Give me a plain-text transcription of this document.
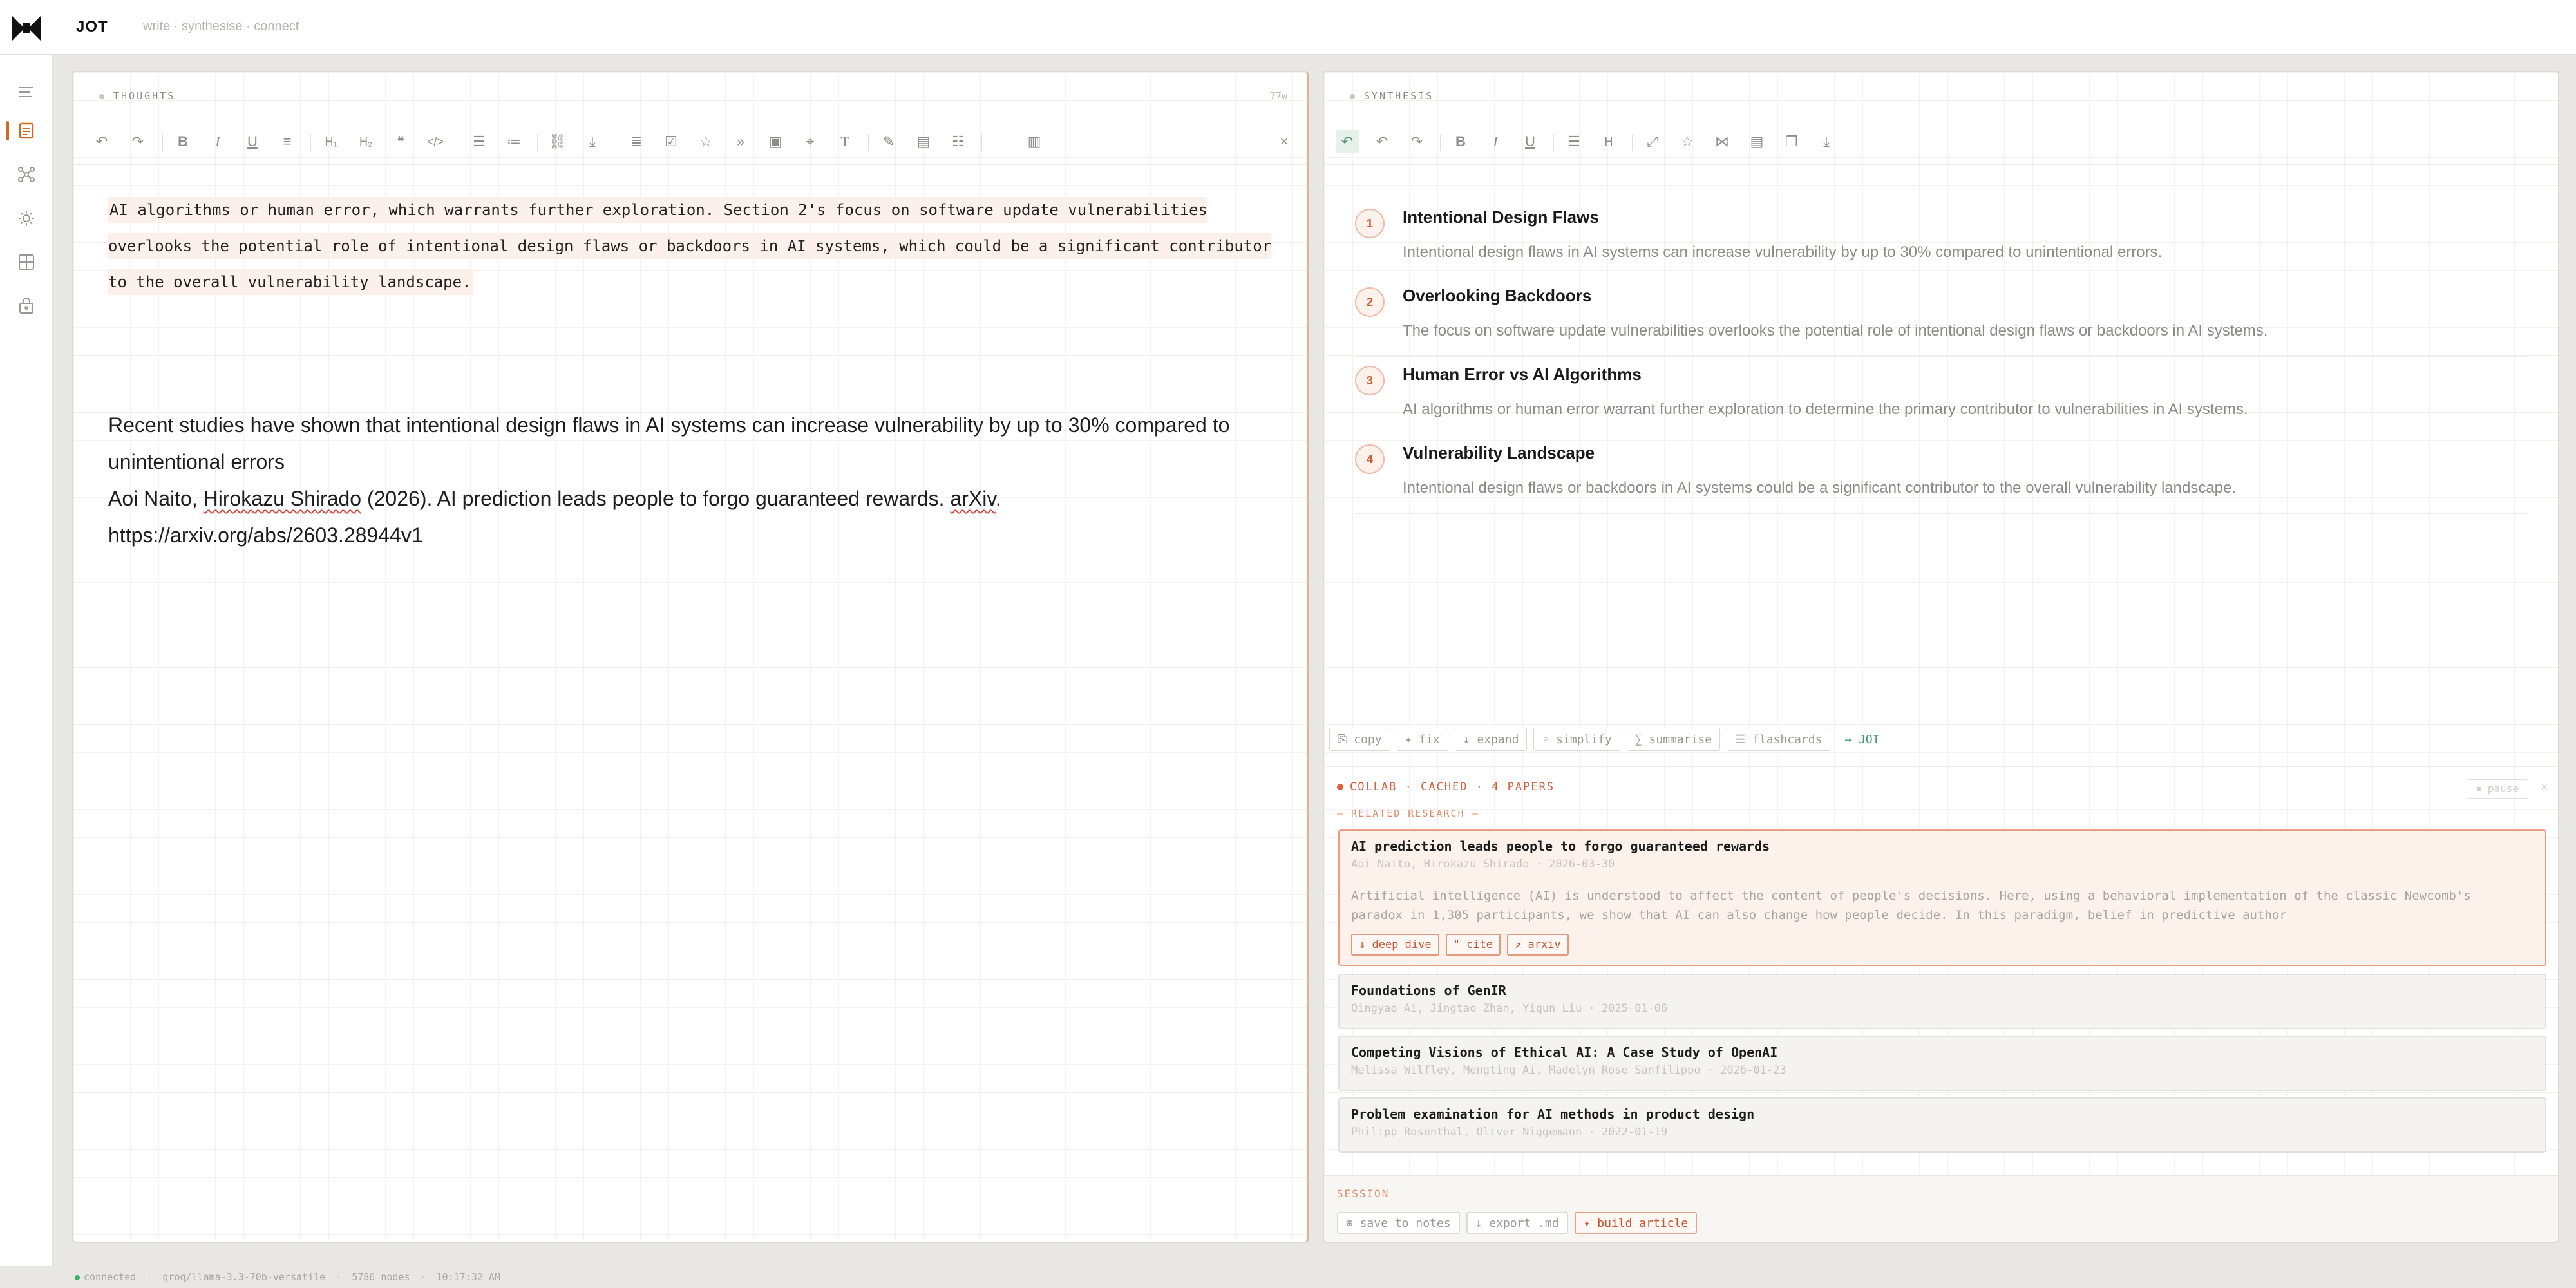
JOT	write · synthesise · connect
THOUGHTS	77w
↶	↷	B	I	U	≡	H₁	H₂	❝	</>	☰	≔	⛓	⤓	≣	☑	☆	»	▣	⌖	T	✎	▤	☷	▥	×
AI algorithms or human error, which warrants further exploration. Section 2's focus on software update vulnerabilities overlooks the potential role of intentional design flaws or backdoors in AI systems, which could be a significant contributor to the overall vulnerability landscape.
Recent studies have shown that intentional design flaws in AI systems can increase vulnerability by up to 30% compared to unintentional errors
Aoi Naito, Hirokazu Shirado (2026). AI prediction leads people to forgo guaranteed rewards. arXiv.
https://arxiv.org/abs/2603.28944v1
SYNTHESIS
↶	↶	↷	B	I	U	☰	H	⤢	☆	⋈	▤	❐	⤓
1	Intentional Design Flaws
Intentional design flaws in AI systems can increase vulnerability by up to 30% compared to unintentional errors.
2	Overlooking Backdoors
The focus on software update vulnerabilities overlooks the potential role of intentional design flaws or backdoors in AI systems.
3	Human Error vs AI Algorithms
AI algorithms or human error warrant further exploration to determine the primary contributor to vulnerabilities in AI systems.
4	Vulnerability Landscape
Intentional design flaws or backdoors in AI systems could be a significant contributor to the overall vulnerability landscape.
⎘ copy	✦ fix	↓ expand	◦ simplify	∑ summarise	☰ flashcards	→ JOT
COLLAB · CACHED · 4 PAPERS	⏸ pause	×
— RELATED RESEARCH —
AI prediction leads people to forgo guaranteed rewards
Aoi Naito, Hirokazu Shirado · 2026-03-30
Artificial intelligence (AI) is understood to affect the content of people's decisions. Here, using a behavioral implementation of the classic Newcomb's paradox in 1,305 participants, we show that AI can also change how people decide. In this paradigm, belief in predictive author
↓ deep dive	" cite	↗ arxiv
Foundations of GenIR
Qingyao Ai, Jingtao Zhan, Yiqun Liu · 2025-01-06
Competing Visions of Ethical AI: A Case Study of OpenAI
Melissa Wilfley, Mengting Ai, Madelyn Rose Sanfilippo · 2026-01-23
Problem examination for AI methods in product design
Philipp Rosenthal, Oliver Niggemann · 2022-01-19
SESSION
⊕ save to notes	↓ export .md	✦ build article
connected · groq/llama-3.3-70b-versatile · 5786 nodes · 10:17:32 AM
